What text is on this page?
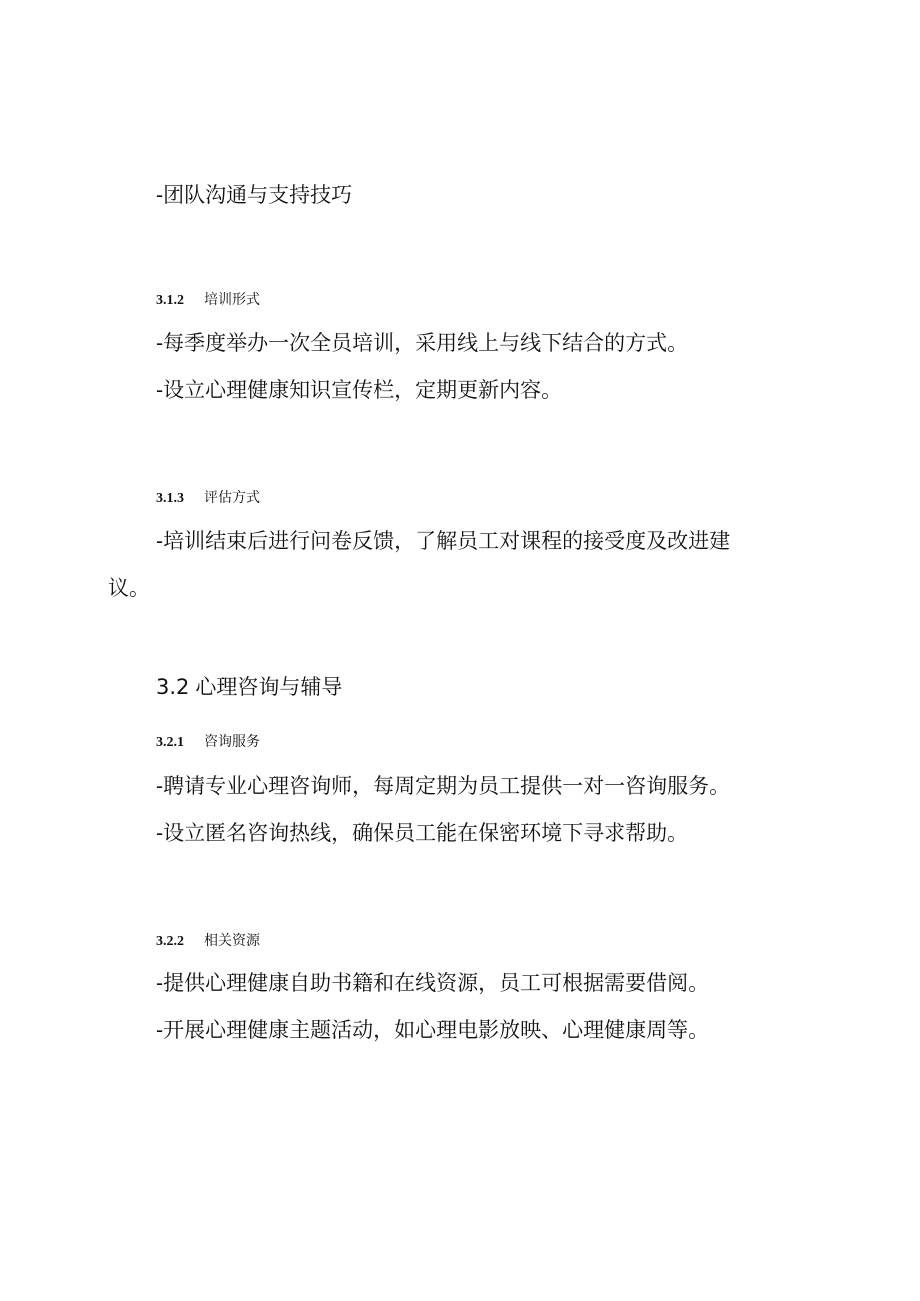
-团队沟通与支持技巧
3.1.2 培训形式
-每季度举办一次全员培训，采用线上与线下结合的方式。
-设立心理健康知识宣传栏，定期更新内容。
3.1.3 评估方式
-培训结束后进行问卷反馈，了解员工对课程的接受度及改进建
议。
3.2 心理咨询与辅导
3.2.1 咨询服务
-聘请专业心理咨询师，每周定期为员工提供一对一咨询服务。
-设立匿名咨询热线，确保员工能在保密环境下寻求帮助。
3.2.2 相关资源
-提供心理健康自助书籍和在线资源，员工可根据需要借阅。
-开展心理健康主题活动，如心理电影放映、心理健康周等。
